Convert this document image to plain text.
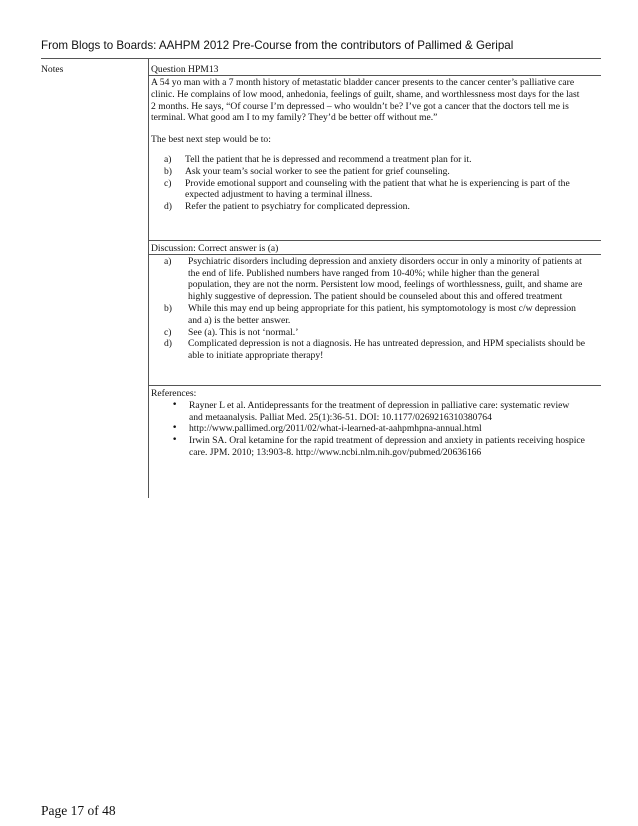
From Blogs to Boards: AAHPM 2012 Pre-Course from the contributors of Pallimed & Geripal
Notes	Question HPM13

A 54 yo man with a 7 month history of metastatic bladder cancer presents to the cancer center’s palliative care clinic. He complains of low mood, anhedonia, feelings of guilt, shame, and worthlessness most days for the last 2 months. He says, “Of course I’m depressed – who wouldn’t be? I’ve got a cancer that the doctors tell me is terminal. What good am I to my family? They’d be better off without me.”

The best next step would be to:

a) Tell the patient that he is depressed and recommend a treatment plan for it.
b) Ask your team’s social worker to see the patient for grief counseling.
c) Provide emotional support and counseling with the patient that what he is experiencing is part of the expected adjustment to having a terminal illness.
d) Refer the patient to psychiatry for complicated depression.
Discussion: Correct answer is (a)
a) Psychiatric disorders including depression and anxiety disorders occur in only a minority of patients at the end of life. Published numbers have ranged from 10-40%; while higher than the general population, they are not the norm. Persistent low mood, feelings of worthlessness, guilt, and shame are highly suggestive of depression. The patient should be counseled about this and offered treatment
b) While this may end up being appropriate for this patient, his symptomotology is most c/w depression and a) is the better answer.
c) See (a). This is not ‘normal.’
d) Complicated depression is not a diagnosis. He has untreated depression, and HPM specialists should be able to initiate appropriate therapy!
References:
• Rayner L et al. Antidepressants for the treatment of depression in palliative care: systematic review and metaanalysis. Palliat Med. 25(1):36-51. DOI: 10.1177/0269216310380764
• http://www.pallimed.org/2011/02/what-i-learned-at-aahpmhpna-annual.html
• Irwin SA. Oral ketamine for the rapid treatment of depression and anxiety in patients receiving hospice care. JPM. 2010; 13:903-8. http://www.ncbi.nlm.nih.gov/pubmed/20636166
Page 17 of 48
